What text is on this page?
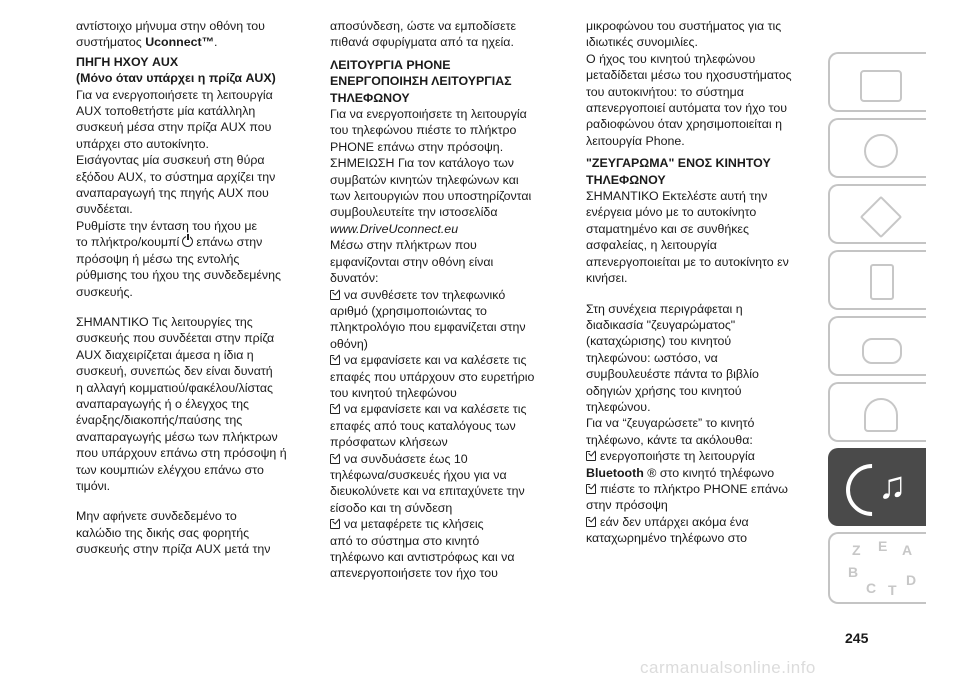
αντίστοιχο μήνυμα στην οθόνη του

συστήματος Uconnect™.

ΠΗΓΗ ΗΧΟΥ AUX
(Μόνο όταν υπάρχει η πρίζα AUX)

Για να ενεργοποιήσετε τη λειτουργία
AUX τοποθετήστε μία κατάλληλη
συσκευή μέσα στην πρίζα AUX που
υπάρχει στο αυτοκίνητο.
Εισάγοντας μία συσκευή στη θύρα
εξόδου AUX, το σύστημα αρχίζει την
αναπαραγωγή της πηγής AUX που
συνδέεται.
Ρυθμίστε την ένταση του ήχου με

το πλήκτρο/κουμπί επάνω στην

πρόσοψη ή μέσω της εντολής
ρύθμισης του ήχου της συνδεδεμένης
συσκευής.

ΣΗΜΑΝΤΙΚΟ Τις λειτουργίες της
συσκευής που συνδέεται στην πρίζα
AUX διαχειρίζεται άμεσα η ίδια η
συσκευή, συνεπώς δεν είναι δυνατή
η αλλαγή κομματιού/φακέλου/λίστας
αναπαραγωγής ή ο έλεγχος της
έναρξης/διακοπής/παύσης της
αναπαραγωγής μέσω των πλήκτρων
που υπάρχουν επάνω στη πρόσοψη ή
των κουμπιών ελέγχου επάνω στο
τιμόνι.

Μην αφήνετε συνδεδεμένο το
καλώδιο της δικής σας φορητής
συσκευής στην πρίζα AUX μετά την

αποσύνδεση, ώστε να εμποδίσετε
πιθανά σφυρίγματα από τα ηχεία.

ΛΕΙΤΟΥΡΓΙΑ PHONE
ΕΝΕΡΓΟΠΟΙΗΣΗ ΛΕΙΤΟΥΡΓΙΑΣ
ΤΗΛΕΦΩΝΟΥ

Για να ενεργοποιήσετε τη λειτουργία
του τηλεφώνου πιέστε το πλήκτρο
PHONE επάνω στην πρόσοψη.
ΣΗΜΕΙΩΣΗ Για τον κατάλογο των
συμβατών κινητών τηλεφώνων και
των λειτουργιών που υποστηρίζονται
συμβουλευτείτε την ιστοσελίδα
www.DriveUconnect.eu
Μέσω στην πλήκτρων που
εμφανίζονται στην οθόνη είναι
δυνατόν:

να συνθέσετε τον τηλεφωνικό
αριθμό (χρησιμοποιώντας το
πληκτρολόγιο που εμφανίζεται στην
οθόνη)

να εμφανίσετε και να καλέσετε τις
επαφές που υπάρχουν στο ευρετήριο
του κινητού τηλεφώνου

να εμφανίσετε και να καλέσετε τις
επαφές από τους καταλόγους των
πρόσφατων κλήσεων

να συνδυάσετε έως 10
τηλέφωνα/συσκευές ήχου για να
διευκολύνετε και να επιταχύνετε την
είσοδο και τη σύνδεση

να μεταφέρετε τις κλήσεις
από το σύστημα στο κινητό
τηλέφωνο και αντιστρόφως και να
απενεργοποιήσετε τον ήχο του

μικροφώνου του συστήματος για τις
ιδιωτικές συνομιλίες.
Ο ήχος του κινητού τηλεφώνου
μεταδίδεται μέσω του ηχοσυστήματος
του αυτοκινήτου: το σύστημα
απενεργοποιεί αυτόματα τον ήχο του
ραδιοφώνου όταν χρησιμοποιείται η
λειτουργία Phone.

"ΖΕΥΓΑΡΩΜΑ" ΕΝΟΣ ΚΙΝΗΤΟΥ
ΤΗΛΕΦΩΝΟΥ

ΣΗΜΑΝΤΙΚΟ Εκτελέστε αυτή την
ενέργεια μόνο με το αυτοκίνητο
σταματημένο και σε συνθήκες
ασφαλείας, η λειτουργία
απενεργοποιείται με το αυτοκίνητο εν
κινήσει.

Στη συνέχεια περιγράφεται η
διαδικασία "ζευγαρώματος"
(καταχώρισης) του κινητού
τηλεφώνου: ωστόσο, να
συμβουλευέστε πάντα το βιβλίο
οδηγιών χρήσης του κινητού
τηλεφώνου.
Για να “ζευγαρώσετε” το κινητό
τηλέφωνο, κάντε τα ακόλουθα:

ενεργοποιήστε τη λειτουργία
Bluetooth ® στο κινητό τηλέφωνο

πιέστε το πλήκτρο PHONE επάνω
στην πρόσοψη

εάν δεν υπάρχει ακόμα ένα
καταχωρημένο τηλέφωνο στο

♫
Z E A
B
C T
D
245
carmanualsonline.info
